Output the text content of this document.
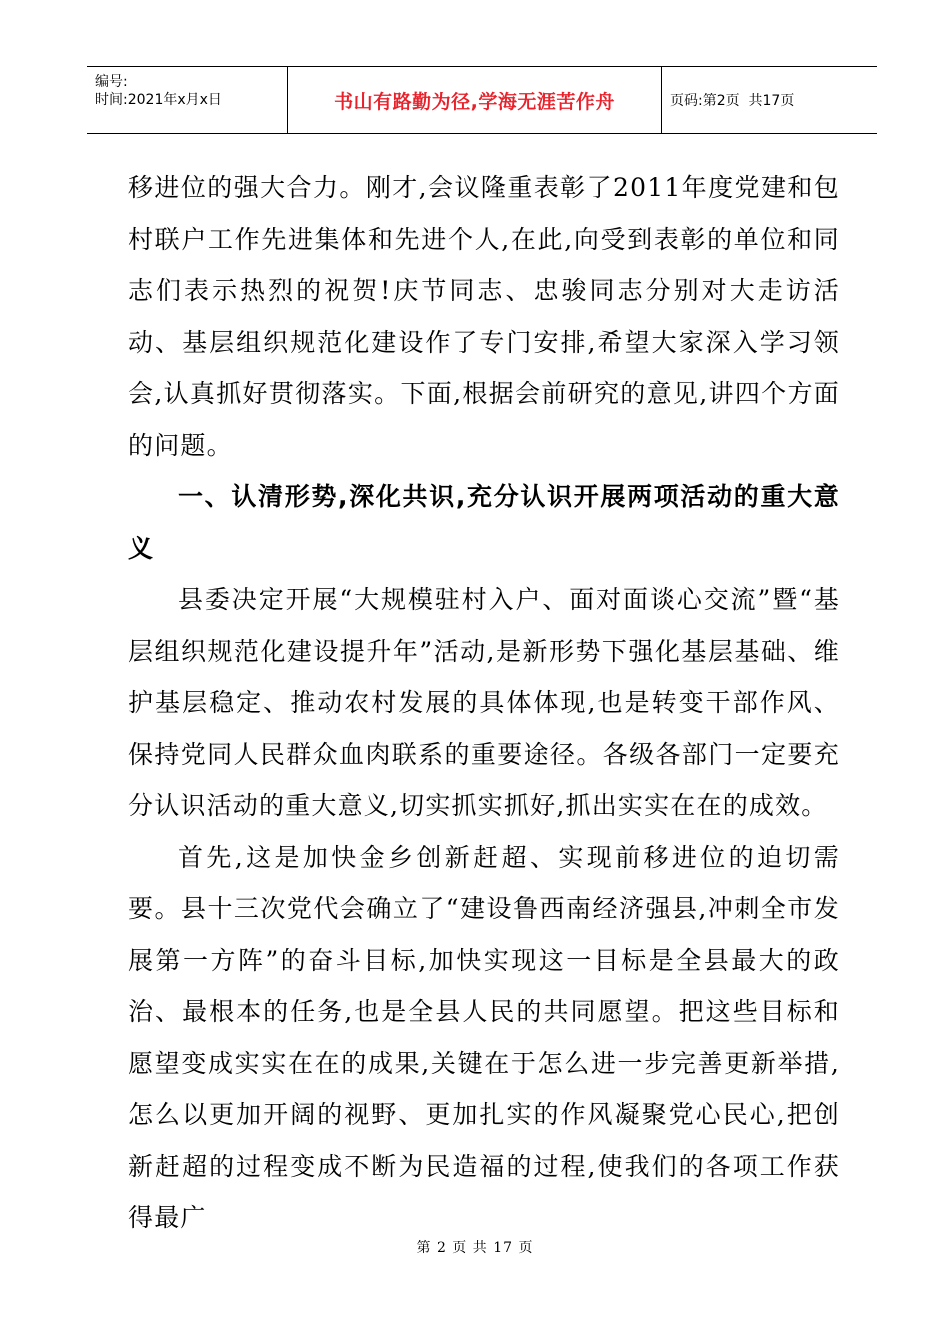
编号:
时间:2021年x月x日	书山有路勤为径,学海无涯苦作舟	页码:第2页  共17页

移进位的强大合力。刚才,会议隆重表彰了2011年度党建和包村联户工作先进集体和先进个人,在此,向受到表彰的单位和同志们表示热烈的祝贺!庆节同志、忠骏同志分别对大走访活动、基层组织规范化建设作了专门安排,希望大家深入学习领会,认真抓好贯彻落实。下面,根据会前研究的意见,讲四个方面的问题。

一、认清形势,深化共识,充分认识开展两项活动的重大意义

县委决定开展“大规模驻村入户、面对面谈心交流”暨“基层组织规范化建设提升年”活动,是新形势下强化基层基础、维护基层稳定、推动农村发展的具体体现,也是转变干部作风、保持党同人民群众血肉联系的重要途径。各级各部门一定要充分认识活动的重大意义,切实抓实抓好,抓出实实在在的成效。

首先,这是加快金乡创新赶超、实现前移进位的迫切需要。县十三次党代会确立了“建设鲁西南经济强县,冲刺全市发展第一方阵”的奋斗目标,加快实现这一目标是全县最大的政治、最根本的任务,也是全县人民的共同愿望。把这些目标和愿望变成实实在在的成果,关键在于怎么进一步完善更新举措,怎么以更加开阔的视野、更加扎实的作风凝聚党心民心,把创新赶超的过程变成不断为民造福的过程,使我们的各项工作获得最广

第 2 页 共 17 页
